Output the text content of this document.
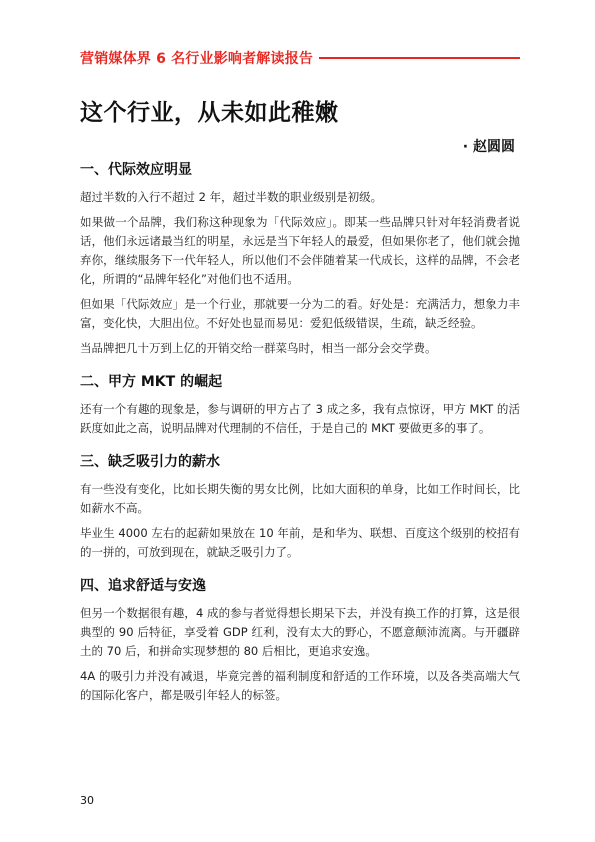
营销媒体界 6 名行业影响者解读报告
这个行业，从未如此稚嫩
· 赵圆圆
一、代际效应明显

超过半数的入行不超过 2 年，超过半数的职业级别是初级。

如果做一个品牌，我们称这种现象为「代际效应」。即某一些品牌只针对年轻消费者说话，他们永远诸最当红的明星，永远是当下年轻人的最爱，但如果你老了，他们就会抛弃你，继续服务下一代年轻人，所以他们不会伴随着某一代成长，这样的品牌，不会老化，所谓的“品牌年轻化”对他们也不适用。

但如果「代际效应」是一个行业，那就要一分为二的看。好处是：充满活力，想象力丰富，变化快，大胆出位。不好处也显而易见：爱犯低级错误，生疏，缺乏经验。

当品牌把几十万到上亿的开销交给一群菜鸟时，相当一部分会交学费。

二、甲方 MKT 的崛起

还有一个有趣的现象是，参与调研的甲方占了 3 成之多，我有点惊讶，甲方 MKT 的活跃度如此之高，说明品牌对代理制的不信任，于是自己的 MKT 要做更多的事了。

三、缺乏吸引力的薪水

有一些没有变化，比如长期失衡的男女比例，比如大面积的单身，比如工作时间长，比如薪水不高。

毕业生 4000 左右的起薪如果放在 10 年前，是和华为、联想、百度这个级别的校招有的一拼的，可放到现在，就缺乏吸引力了。

四、追求舒适与安逸

但另一个数据很有趣，4 成的参与者觉得想长期呆下去，并没有换工作的打算，这是很典型的 90 后特征，享受着 GDP 红利，没有太大的野心，不愿意颠沛流离。与开疆辟土的 70 后，和拼命实现梦想的 80 后相比，更追求安逸。

4A 的吸引力并没有减退，毕竟完善的福利制度和舒适的工作环境，以及各类高端大气的国际化客户，都是吸引年轻人的标签。

30
